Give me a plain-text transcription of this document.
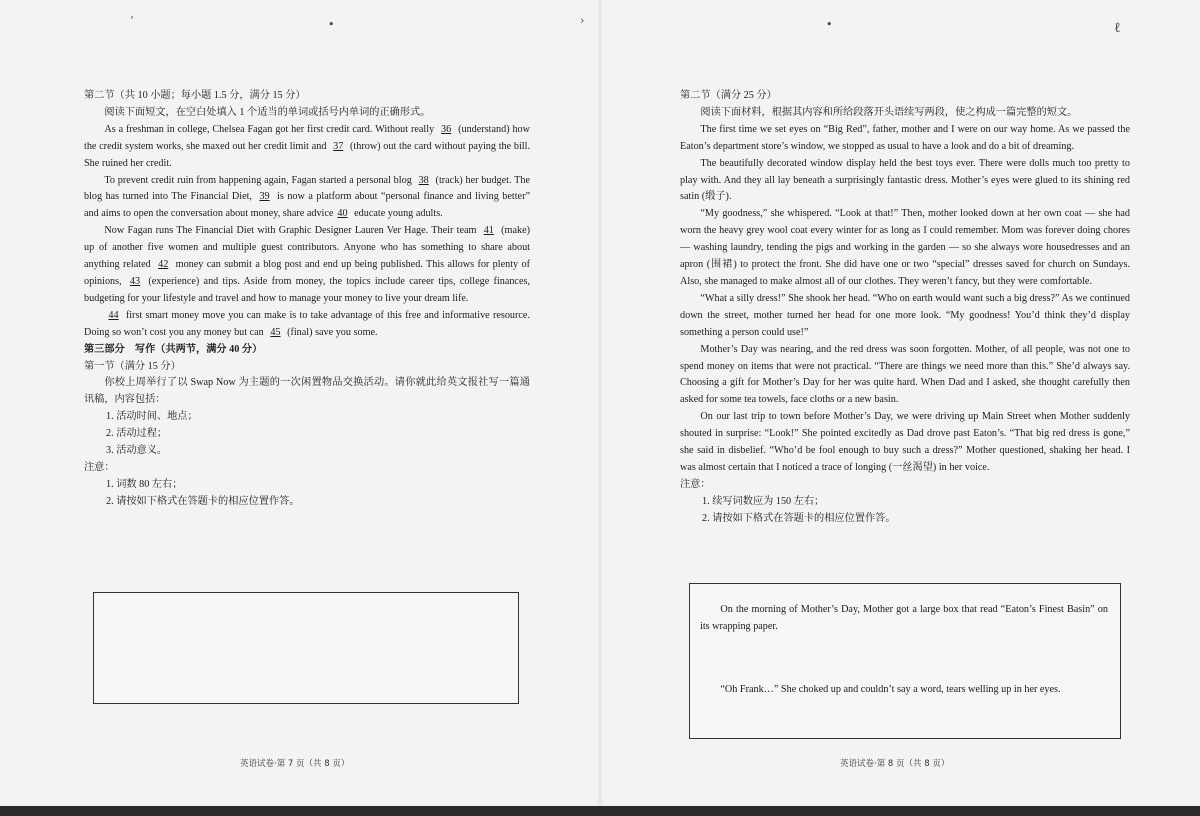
‘	•	›	•	ℓ

第二节（共 10 小题；每小题 1.5 分，满分 15 分）

阅读下面短文，在空白处填入 1 个适当的单词或括号内单词的正确形式。

As a freshman in college, Chelsea Fagan got her first credit card. Without really 36 (understand) how the credit system works, she maxed out her credit limit and 37 (throw) out the card without paying the bill. She ruined her credit.

To prevent credit ruin from happening again, Fagan started a personal blog 38 (track) her budget. The blog has turned into The Financial Diet, 39 is now a platform about “personal finance and living better” and aims to open the conversation about money, share advice 40 educate young adults.

Now Fagan runs The Financial Diet with Graphic Designer Lauren Ver Hage. Their team 41 (make) up of another five women and multiple guest contributors. Anyone who has something to share about anything related 42 money can submit a blog post and end up being published. This allows for plenty of opinions, 43 (experience) and tips. Aside from money, the topics include career tips, college finances, budgeting for your lifestyle and travel and how to manage your money to live your dream life.

44 first smart money move you can make is to take advantage of this free and informative resource. Doing so won’t cost you any money but can 45 (final) save you some.

第三部分　写作（共两节，满分 40 分）

第一节（满分 15 分）

你校上周举行了以 Swap Now 为主题的一次闲置物品交换活动。请你就此给英文报社写一篇通讯稿，内容包括：

1. 活动时间、地点；

2. 活动过程；

3. 活动意义。

注意：

1. 词数 80 左右；

2. 请按如下格式在答题卡的相应位置作答。

英语试卷·第 7 页（共 8 页）

第二节（满分 25 分）

阅读下面材料，根据其内容和所给段落开头语续写两段，使之构成一篇完整的短文。

The first time we set eyes on “Big Red”, father, mother and I were on our way home. As we passed the Eaton’s department store’s window, we stopped as usual to have a look and do a bit of dreaming.

The beautifully decorated window display held the best toys ever. There were dolls much too pretty to play with. And they all lay beneath a surprisingly fantastic dress. Mother’s eyes were glued to its shining red satin (缎子).

“My goodness,” she whispered. “Look at that!” Then, mother looked down at her own coat — she had worn the heavy grey wool coat every winter for as long as I could remember. Mom was forever doing chores — washing laundry, tending the pigs and working in the garden — so she always wore housedresses and an apron (围裙) to protect the front. She did have one or two “special” dresses saved for church on Sundays. Also, she managed to make almost all of our clothes. They weren’t fancy, but they were comfortable.

“What a silly dress!” She shook her head. “Who on earth would want such a big dress?” As we continued down the street, mother turned her head for one more look. “My goodness! You’d think they’d display something a person could use!”

Mother’s Day was nearing, and the red dress was soon forgotten. Mother, of all people, was not one to spend money on items that were not practical. “There are things we need more than this.” She’d always say. Choosing a gift for Mother’s Day for her was quite hard. When Dad and I asked, she thought carefully then asked for some tea towels, face cloths or a new basin.

On our last trip to town before Mother’s Day, we were driving up Main Street when Mother suddenly shouted in surprise: “Look!” She pointed excitedly as Dad drove past Eaton’s. “That big red dress is gone,” she said in disbelief. “Who’d be fool enough to buy such a dress?” Mother questioned, shaking her head. I was almost certain that I noticed a trace of longing (一丝渴望) in her voice.

注意：

1. 续写词数应为 150 左右；

2. 请按如下格式在答题卡的相应位置作答。

On the morning of Mother’s Day, Mother got a large box that read “Eaton’s Finest Basin” on its wrapping paper.

“Oh Frank…” She choked up and couldn’t say a word, tears welling up in her eyes.

英语试卷·第 8 页（共 8 页）
